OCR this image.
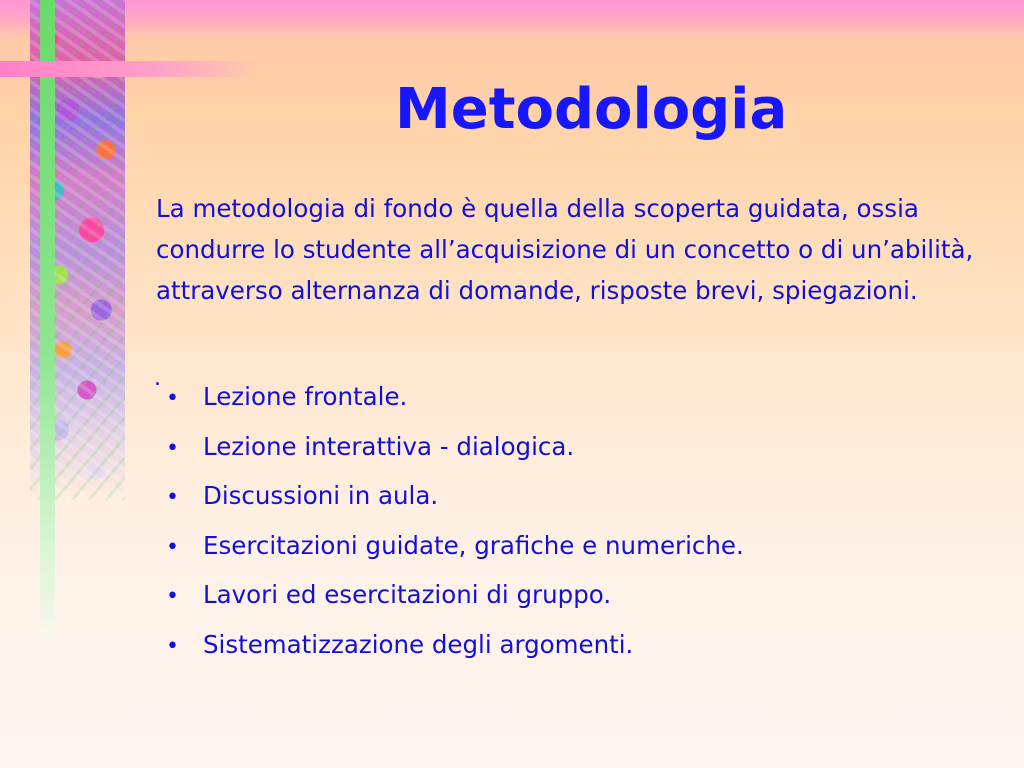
Metodologia

La metodologia di fondo è quella della scoperta guidata, ossia condurre lo studente all’acquisizione di un concetto o di un’abilità, attraverso alternanza di domande, risposte brevi, spiegazioni.

.
• Lezione frontale.
• Lezione interattiva - dialogica.
• Discussioni in aula.
• Esercitazioni guidate, grafiche e numeriche.
• Lavori ed esercitazioni di gruppo.
• Sistematizzazione degli argomenti.
